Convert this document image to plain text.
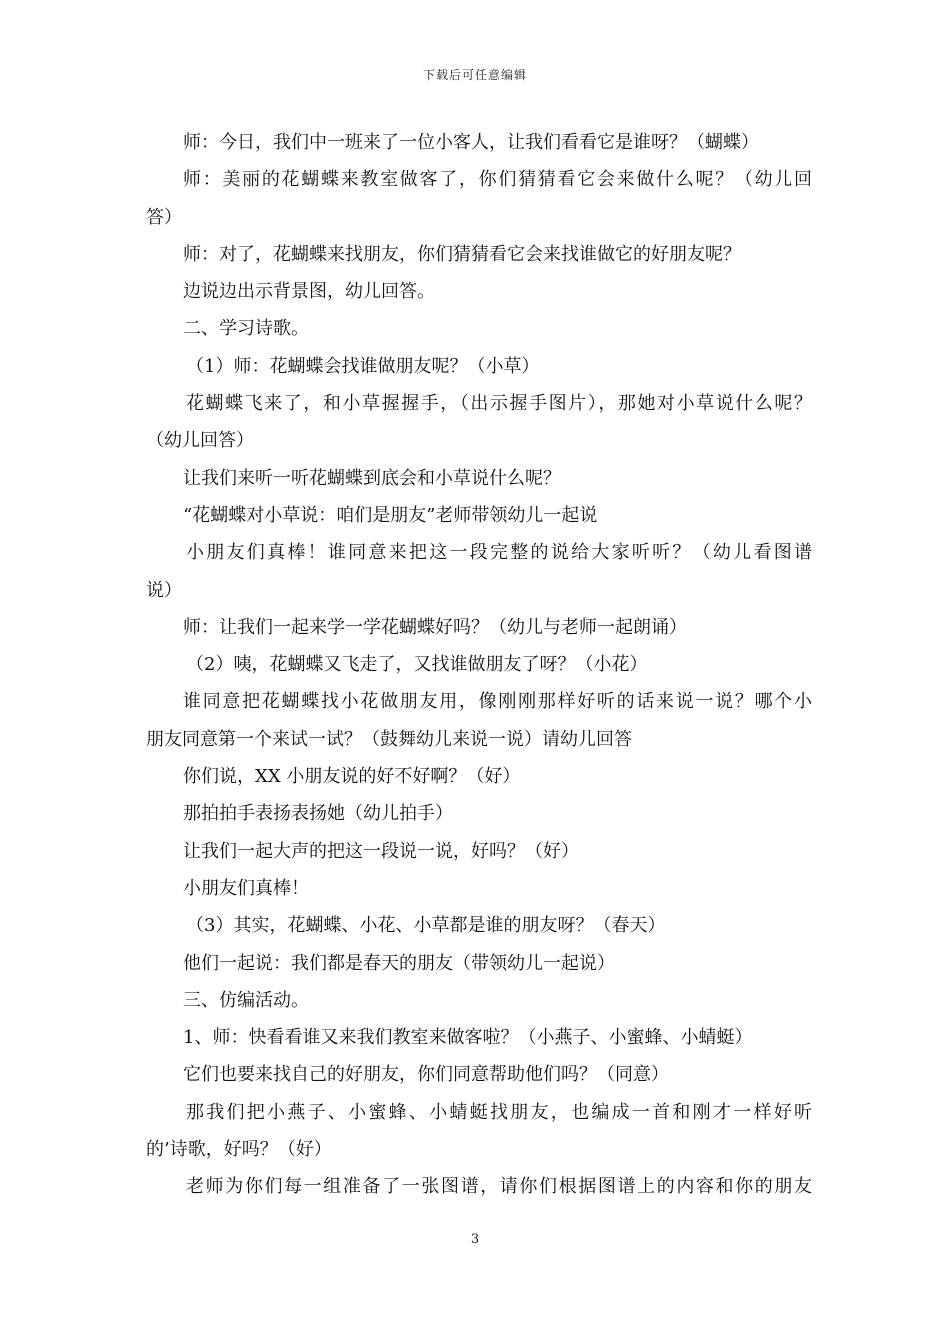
下载后可任意编辑
师：今日，我们中一班来了一位小客人，让我们看看它是谁呀？（蝴蝶）
师：美丽的花蝴蝶来教室做客了，你们猜猜看它会来做什么呢？（幼儿回
答）
师：对了，花蝴蝶来找朋友，你们猜猜看它会来找谁做它的好朋友呢？
边说边出示背景图，幼儿回答。
二、学习诗歌。
（1）师：花蝴蝶会找谁做朋友呢？（小草）
花蝴蝶飞来了，和小草握握手，（出示握手图片），那她对小草说什么呢？
（幼儿回答）
让我们来听一听花蝴蝶到底会和小草说什么呢？
“花蝴蝶对小草说：咱们是朋友”老师带领幼儿一起说
小朋友们真棒！谁同意来把这一段完整的说给大家听听？（幼儿看图谱
说）
师：让我们一起来学一学花蝴蝶好吗？（幼儿与老师一起朗诵）
（2）咦，花蝴蝶又飞走了，又找谁做朋友了呀？（小花）
谁同意把花蝴蝶找小花做朋友用，像刚刚那样好听的话来说一说？哪个小
朋友同意第一个来试一试？（鼓舞幼儿来说一说）请幼儿回答
你们说，XX 小朋友说的好不好啊？（好）
那拍拍手表扬表扬她（幼儿拍手）
让我们一起大声的把这一段说一说，好吗？（好）
小朋友们真棒！
（3）其实，花蝴蝶、小花、小草都是谁的朋友呀？（春天）
他们一起说：我们都是春天的朋友（带领幼儿一起说）
三、仿编活动。
1、师：快看看谁又来我们教室来做客啦？（小燕子、小蜜蜂、小蜻蜓）
它们也要来找自己的好朋友，你们同意帮助他们吗？（同意）
那我们把小燕子、小蜜蜂、小蜻蜓找朋友，也编成一首和刚才一样好听
的’诗歌，好吗？（好）
老师为你们每一组准备了一张图谱，请你们根据图谱上的内容和你的朋友
3
